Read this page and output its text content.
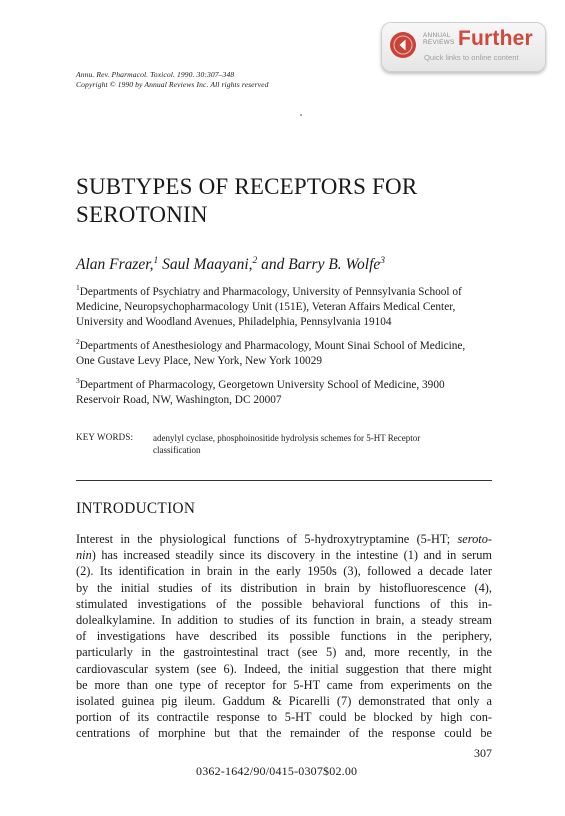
Annu. Rev. Pharmacol. Toxicol. 1990. 30:307–348
Copyright © 1990 by Annual Reviews Inc. All rights reserved
ANNUAL
REVIEWS Further
Quick links to online content
SUBTYPES OF RECEPTORS FOR
SEROTONIN
Alan Frazer,$^1$ Saul Maayani,$^2$ and Barry B. Wolfe$^3$
$^1$Departments of Psychiatry and Pharmacology, University of Pennsylvania School of
Medicine, Neuropsychopharmacology Unit (151E), Veteran Affairs Medical Center,
University and Woodland Avenues, Philadelphia, Pennsylvania 19104
$^2$Departments of Anesthesiology and Pharmacology, Mount Sinai School of Medicine,
One Gustave Levy Place, New York, New York 10029
$^3$Department of Pharmacology, Georgetown University School of Medicine, 3900
Reservoir Road, NW, Washington, DC 20007
KEY WORDS: adenylyl cyclase, phosphoinositide hydrolysis schemes for 5-HT Receptor
classification
INTRODUCTION
Interest in the physiological functions of 5-hydroxytryptamine (5-HT; seroto-
nin) has increased steadily since its discovery in the intestine (1) and in serum
(2). Its identification in brain in the early 1950s (3), followed a decade later
by the initial studies of its distribution in brain by histofluorescence (4),
stimulated investigations of the possible behavioral functions of this in-
dolealkylamine. In addition to studies of its function in brain, a steady stream
of investigations have described its possible functions in the periphery,
particularly in the gastrointestinal tract (see 5) and, more recently, in the
cardiovascular system (see 6). Indeed, the initial suggestion that there might
be more than one type of receptor for 5-HT came from experiments on the
isolated guinea pig ileum. Gaddum & Picarelli (7) demonstrated that only a
portion of its contractile response to 5-HT could be blocked by high con-
centrations of morphine but that the remainder of the response could be
307
0362-1642/90/0415-0307$02.00
